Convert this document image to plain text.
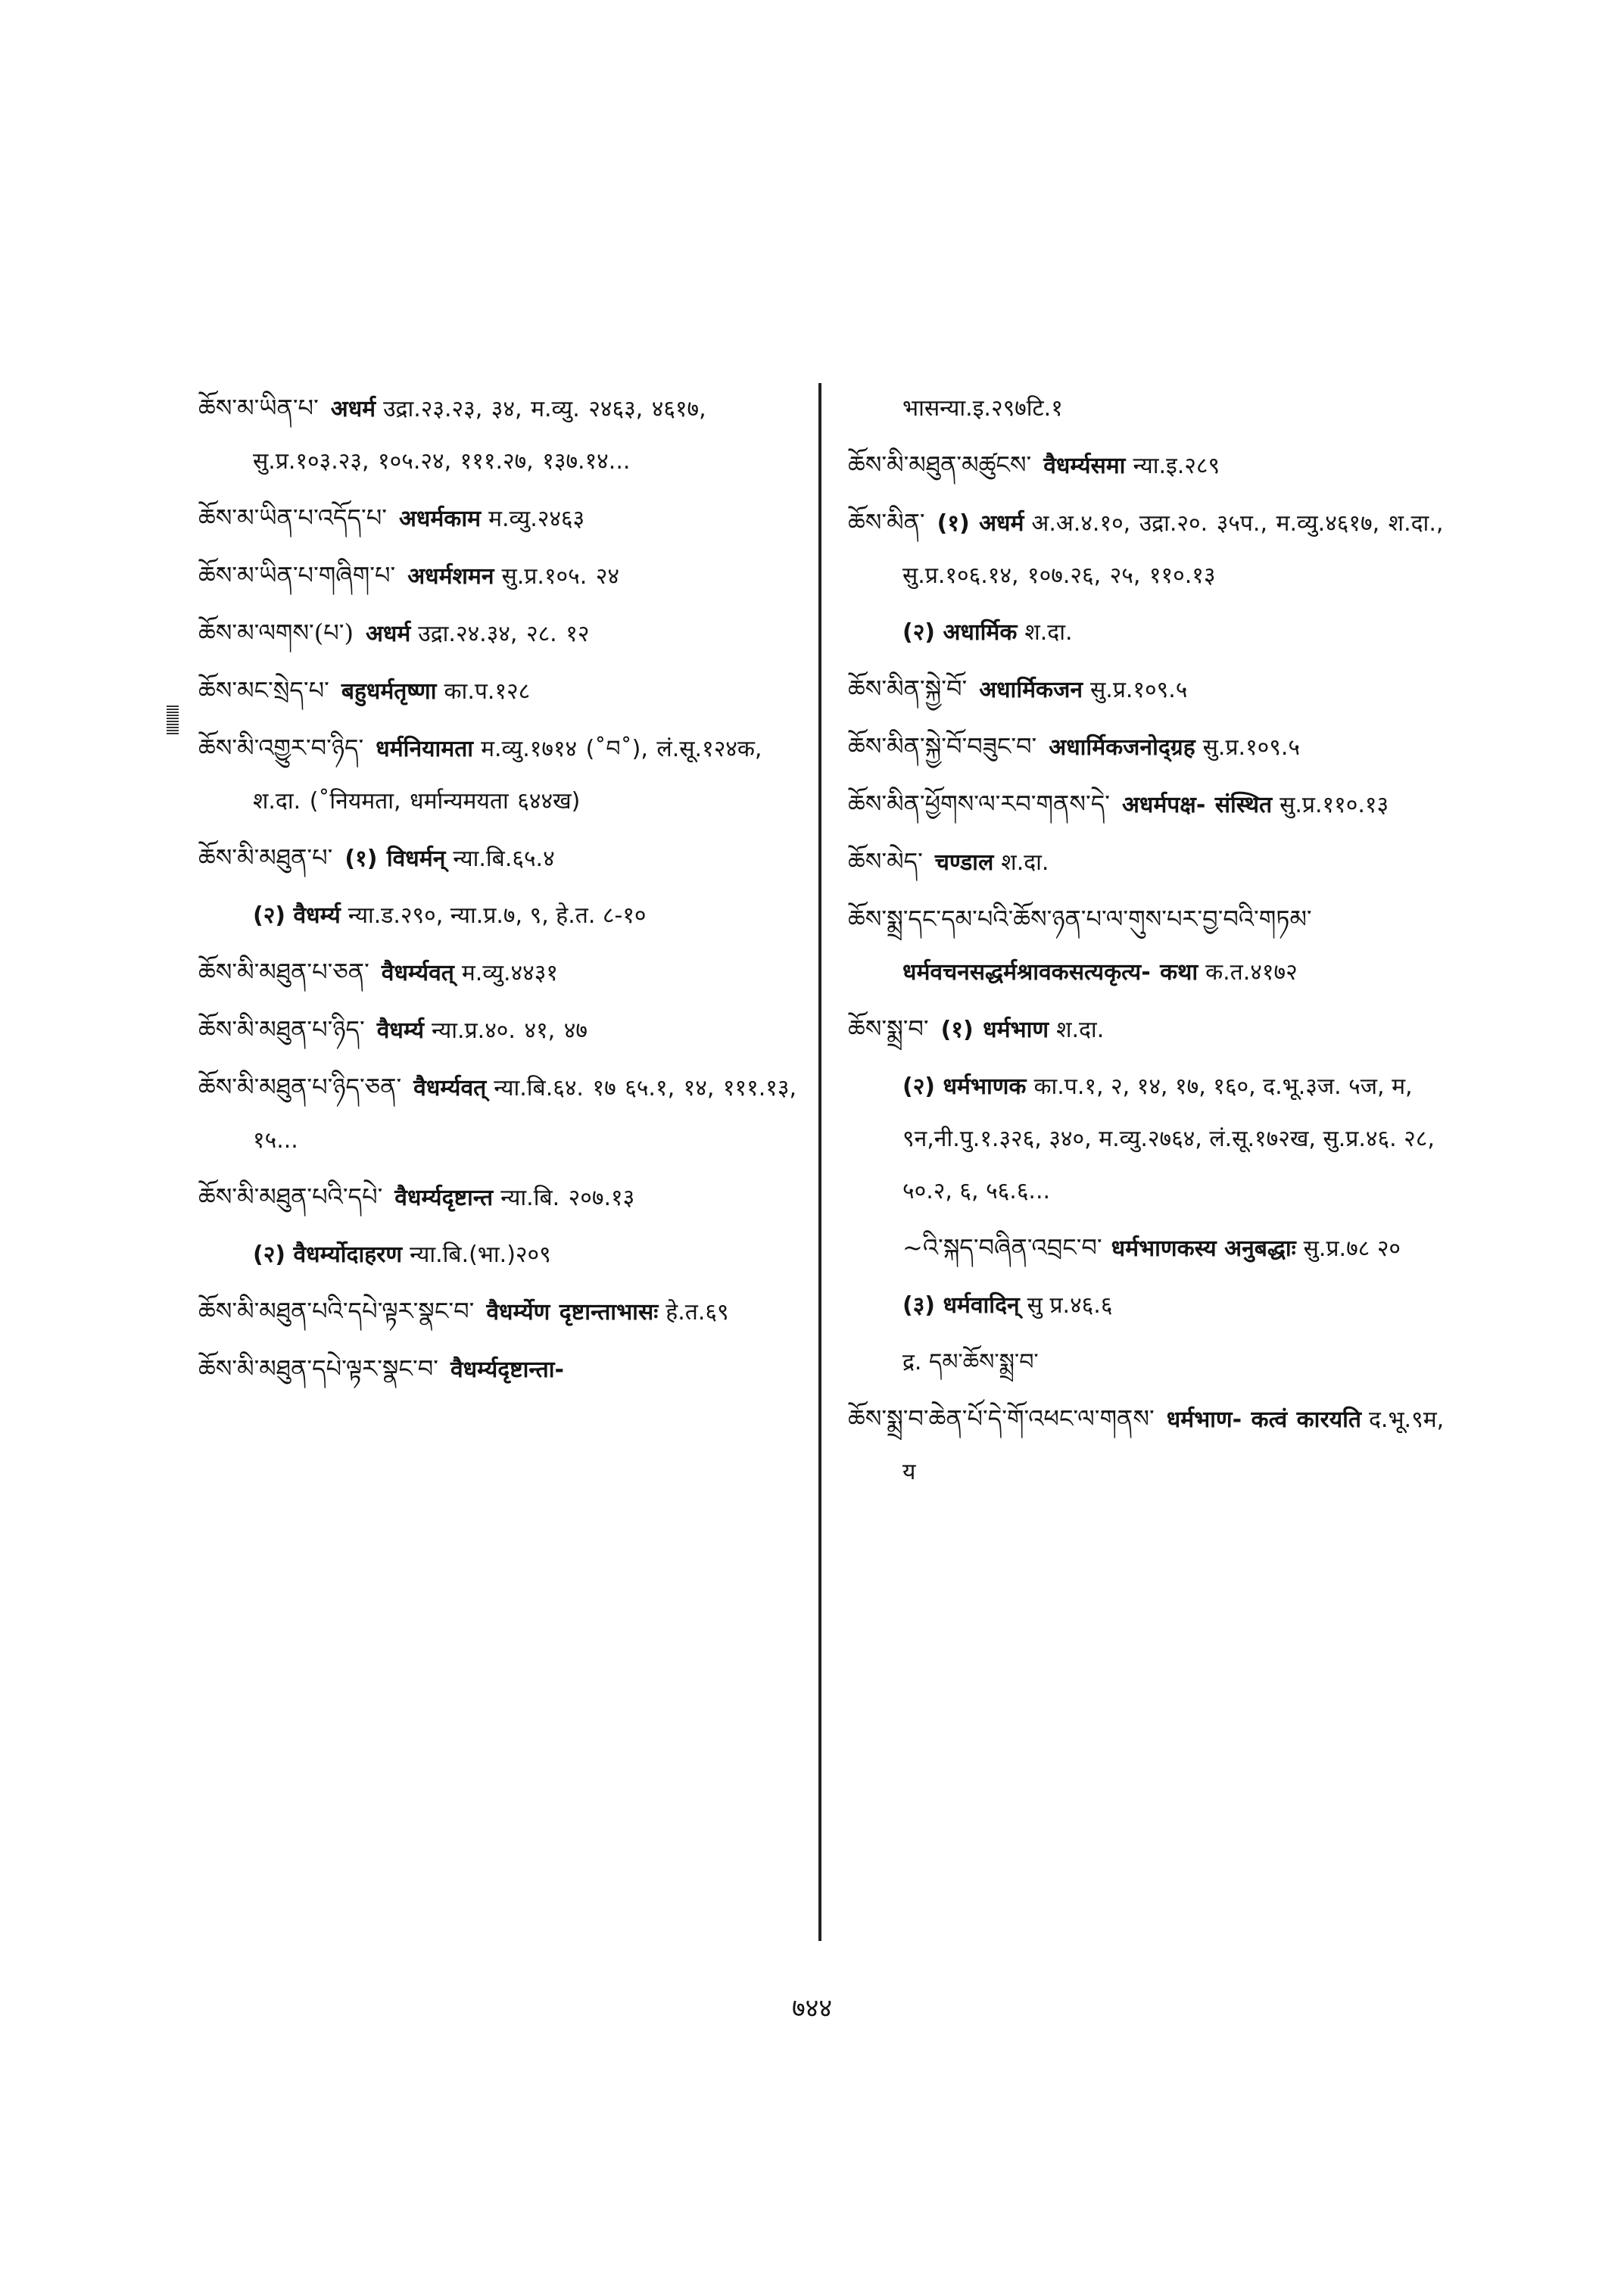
ཆོས་མ་ཡིན་པ་ अधर्म उद्रा.२३.२३, ३४, म.व्यु. २४६३, ४६१७, सु.प्र.१०३.२३, १०५.२४, १११.२७, १३७.१४...
ཆོས་མ་ཡིན་པ་འདོད་པ་ अधर्मकाम म.व्यु.२४६३
ཆོས་མ་ཡིན་པ་གཞིག་པ་ अधर्मशमन सु.प्र.१०५. २४
ཆོས་མ་ལགས་(པ་) अधर्म उद्रा.२४.३४, २८. १२
ཆོས་མང་སྲེད་པ་ बहुधर्मतृष्णा का.प.१२८
ཆོས་མི་འགྱུར་བ་ཉིད་ धर्मनियामता म.व्यु.१७१४ (˚བ˚), लं.सू.१२४क, श.दा. (˚नियमता, धर्मान्यमयता ६४४ख)
ཆོས་མི་མཐུན་པ་ (१) विधर्मन् न्या.बि.६५.४
(२) वैधर्म्य न्या.ड.२९०, न्या.प्र.७, ९, हे.त. ८-१०
ཆོས་མི་མཐུན་པ་ཅན་ वैधर्म्यवत् म.व्यु.४४३१
ཆོས་མི་མཐུན་པ་ཉིད་ वैधर्म्य न्या.प्र.४०. ४१, ४७
ཆོས་མི་མཐུན་པ་ཉིད་ཅན་ वैधर्म्यवत् न्या.बि.६४. १७ ६५.१, १४, १११.१३, १५...
ཆོས་མི་མཐུན་པའི་དཔེ་ वैधर्म्यदृष्टान्त न्या.बि. २०७.१३
(२) वैधर्म्योदाहरण न्या.बि.(भा.)२०९
ཆོས་མི་མཐུན་པའི་དཔེ་ལྟར་སྣང་བ་ वैधर्म्येण दृष्टान्ताभासः हे.त.६९
ཆོས་མི་མཐུན་དཔེ་ལྟར་སྣང་བ་ वैधर्म्यदृष्टान्ता-
भासन्या.इ.२९७टि.१
ཆོས་མི་མཐུན་མཚུངས་ वैधर्म्यसमा न्या.इ.२८९
ཆོས་མིན་ (१) अधर्म अ.अ.४.१०, उद्रा.२०. ३५प., म.व्यु.४६१७, श.दा., सु.प्र.१०६.१४, १०७.२६, २५, ११०.१३
(२) अधार्मिक श.दा.
ཆོས་མིན་སྐྱེ་བོ་ अधार्मिकजन सु.प्र.१०९.५
ཆོས་མིན་སྐྱེ་བོ་བཟུང་བ་ अधार्मिकजनोद्ग्रह सु.प्र.१०९.५
ཆོས་མིན་ཕྱོགས་ལ་རབ་གནས་དེ་ अधर्मपक्ष- संस्थित सु.प्र.११०.१३
ཆོས་མེད་ चण्डाल श.दा.
ཆོས་སྨྲ་དང་དམ་པའི་ཆོས་ཉན་པ་ལ་གུས་པར་བྱ་བའི་གཏམ་धर्मवचनसद्धर्मश्रावकसत्यकृत्य- कथा क.त.४१७२
ཆོས་སྨྲ་བ་ (१) धर्मभाण श.दा.
(२) धर्मभाणक का.प.१, २, १४, १७, १६०, द.भू.३ज. ५ज, म, ९न,नी.पु.१.३२६, ३४०, म.व्यु.२७६४, लं.सू.१७२ख, सु.प्र.४६. २८, ५०.२, ६, ५६.६...
~འི་སྐད་བཞིན་འབྲང་བ་ धर्मभाणकस्य अनुबद्धाः सु.प्र.७८ २०
(३) धर्मवादिन् सु प्र.४६.६
द्र. དམ་ཆོས་སྨྲ་བ་
ཆོས་སྨྲ་བ་ཆེན་པོ་དེ་གོ་འཕང་ལ་གནས་ धर्मभाण- कत्वं कारयति द.भू.९म, य
७४४
